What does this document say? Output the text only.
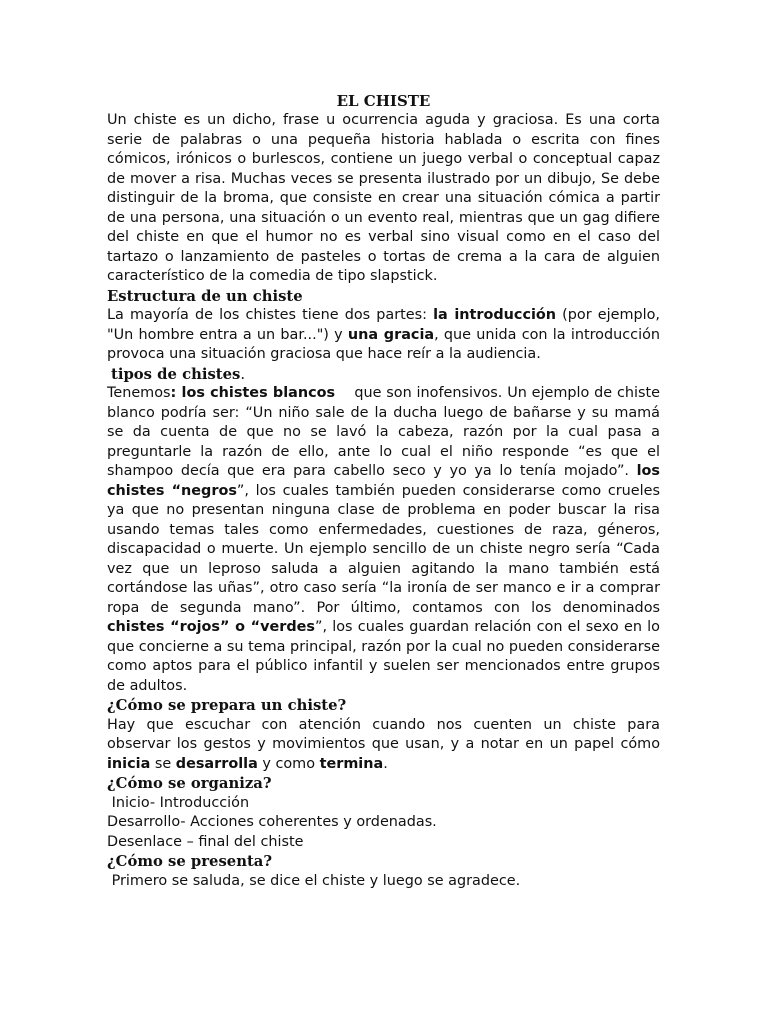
EL CHISTE

Un chiste es un dicho, frase u ocurrencia aguda y graciosa. Es una corta serie de palabras o una pequeña historia hablada o escrita con fines cómicos, irónicos o burlescos, contiene un juego verbal o conceptual capaz de mover a risa. Muchas veces se presenta ilustrado por un dibujo, Se debe distinguir de la broma, que consiste en crear una situación cómica a partir de una persona, una situación o un evento real, mientras que un gag difiere del chiste en que el humor no es verbal sino visual como en el caso del tartazo o lanzamiento de pasteles o tortas de crema a la cara de alguien característico de la comedia de tipo slapstick.

Estructura de un chiste

La mayoría de los chistes tiene dos partes: la introducción (por ejemplo, "Un hombre entra a un bar...") y una gracia, que unida con la introducción provoca una situación graciosa que hace reír a la audiencia.

tipos de chistes.

Tenemos: los chistes blancos    que son inofensivos. Un ejemplo de chiste blanco podría ser: “Un niño sale de la ducha luego de bañarse y su mamá se da cuenta de que no se lavó la cabeza, razón por la cual pasa a preguntarle la razón de ello, ante lo cual el niño responde “es que el shampoo decía que era para cabello seco y yo ya lo tenía mojado”. los chistes “negros”, los cuales también pueden considerarse como crueles ya que no presentan ninguna clase de problema en poder buscar la risa usando temas tales como enfermedades, cuestiones de raza, géneros, discapacidad o muerte. Un ejemplo sencillo de un chiste negro sería “Cada vez que un leproso saluda a alguien agitando la mano también está cortándose las uñas”, otro caso sería “la ironía de ser manco e ir a comprar ropa de segunda mano”. Por último, contamos con los denominados chistes “rojos” o “verdes”, los cuales guardan relación con el sexo en lo que concierne a su tema principal, razón por la cual no pueden considerarse como aptos para el público infantil y suelen ser mencionados entre grupos de adultos.

¿Cómo se prepara un chiste?

Hay que escuchar con atención cuando nos cuenten un chiste para observar los gestos y movimientos que usan, y a notar en un papel cómo inicia se desarrolla y como termina.

¿Cómo se organiza?

Inicio- Introducción

Desarrollo- Acciones coherentes y ordenadas.

Desenlace – final del chiste

¿Cómo se presenta?

Primero se saluda, se dice el chiste y luego se agradece.
